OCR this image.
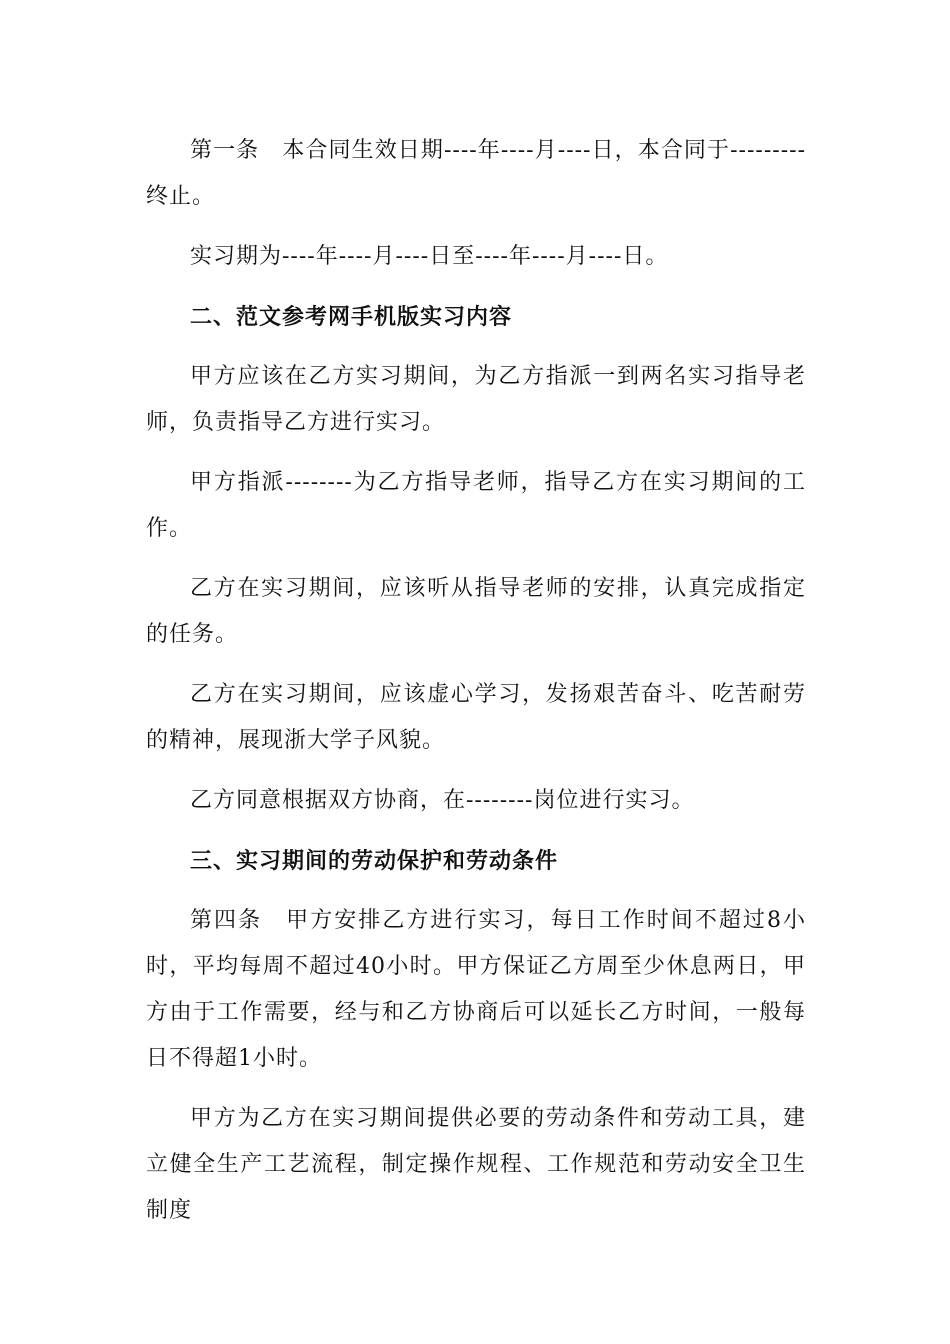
第一条　本合同生效日期----年----月----日，本合同于---------终止。

实习期为----年----月----日至----年----月----日。

二、范文参考网手机版实习内容

甲方应该在乙方实习期间，为乙方指派一到两名实习指导老师，负责指导乙方进行实习。

甲方指派--------为乙方指导老师，指导乙方在实习期间的工作。

乙方在实习期间，应该听从指导老师的安排，认真完成指定的任务。

乙方在实习期间，应该虚心学习，发扬艰苦奋斗、吃苦耐劳的精神，展现浙大学子风貌。

乙方同意根据双方协商，在--------岗位进行实习。

三、实习期间的劳动保护和劳动条件

第四条　甲方安排乙方进行实习，每日工作时间不超过8小时，平均每周不超过40小时。甲方保证乙方周至少休息两日，甲方由于工作需要，经与和乙方协商后可以延长乙方时间，一般每日不得超1小时。

甲方为乙方在实习期间提供必要的劳动条件和劳动工具，建立健全生产工艺流程，制定操作规程、工作规范和劳动安全卫生制度
